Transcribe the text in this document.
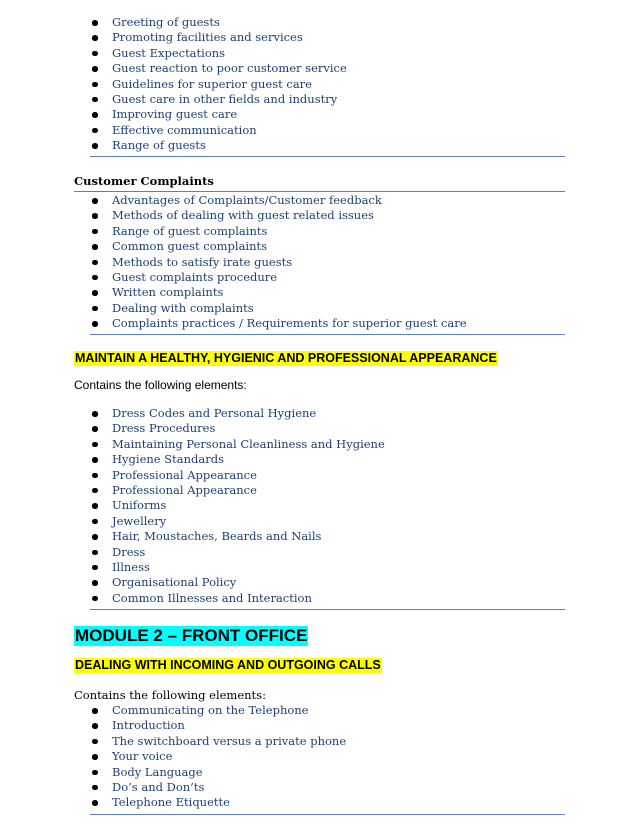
Greeting of guests
Promoting facilities and services
Guest Expectations
Guest reaction to poor customer service
Guidelines for superior guest care
Guest care in other fields and industry
Improving guest care
Effective communication
Range of guests
Customer Complaints
Advantages of Complaints/Customer feedback
Methods of dealing with guest related issues
Range of guest complaints
Common guest complaints
Methods to satisfy irate guests
Guest complaints procedure
Written complaints
Dealing with complaints
Complaints practices / Requirements for superior guest care
MAINTAIN A HEALTHY, HYGIENIC AND PROFESSIONAL APPEARANCE
Contains the following elements:
Dress Codes and Personal Hygiene
Dress Procedures
Maintaining Personal Cleanliness and Hygiene
Hygiene Standards
Professional Appearance
Professional Appearance
Uniforms
Jewellery
Hair, Moustaches, Beards and Nails
Dress
Illness
Organisational Policy
Common Illnesses and Interaction
MODULE 2 – FRONT OFFICE
DEALING WITH INCOMING AND OUTGOING CALLS
Contains the following elements:
Communicating on the Telephone
Introduction
The switchboard versus a private phone
Your voice
Body Language
Do’s and Don’ts
Telephone Etiquette
